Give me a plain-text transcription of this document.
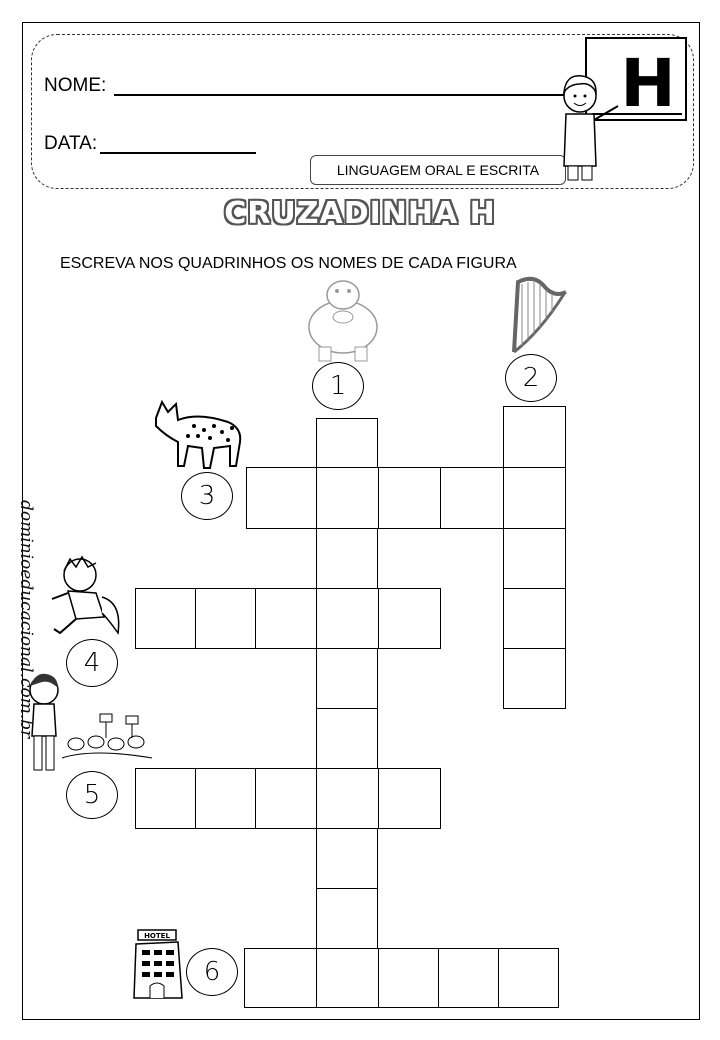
NOME:
DATA:
LINGUAGEM ORAL E ESCRITA
H
CRUZADINHA H
ESCREVA NOS QUADRINHOS OS NOMES DE CADA FIGURA
HOTEL
1	2
3
4
5
6
dominioeducacional.com.br
